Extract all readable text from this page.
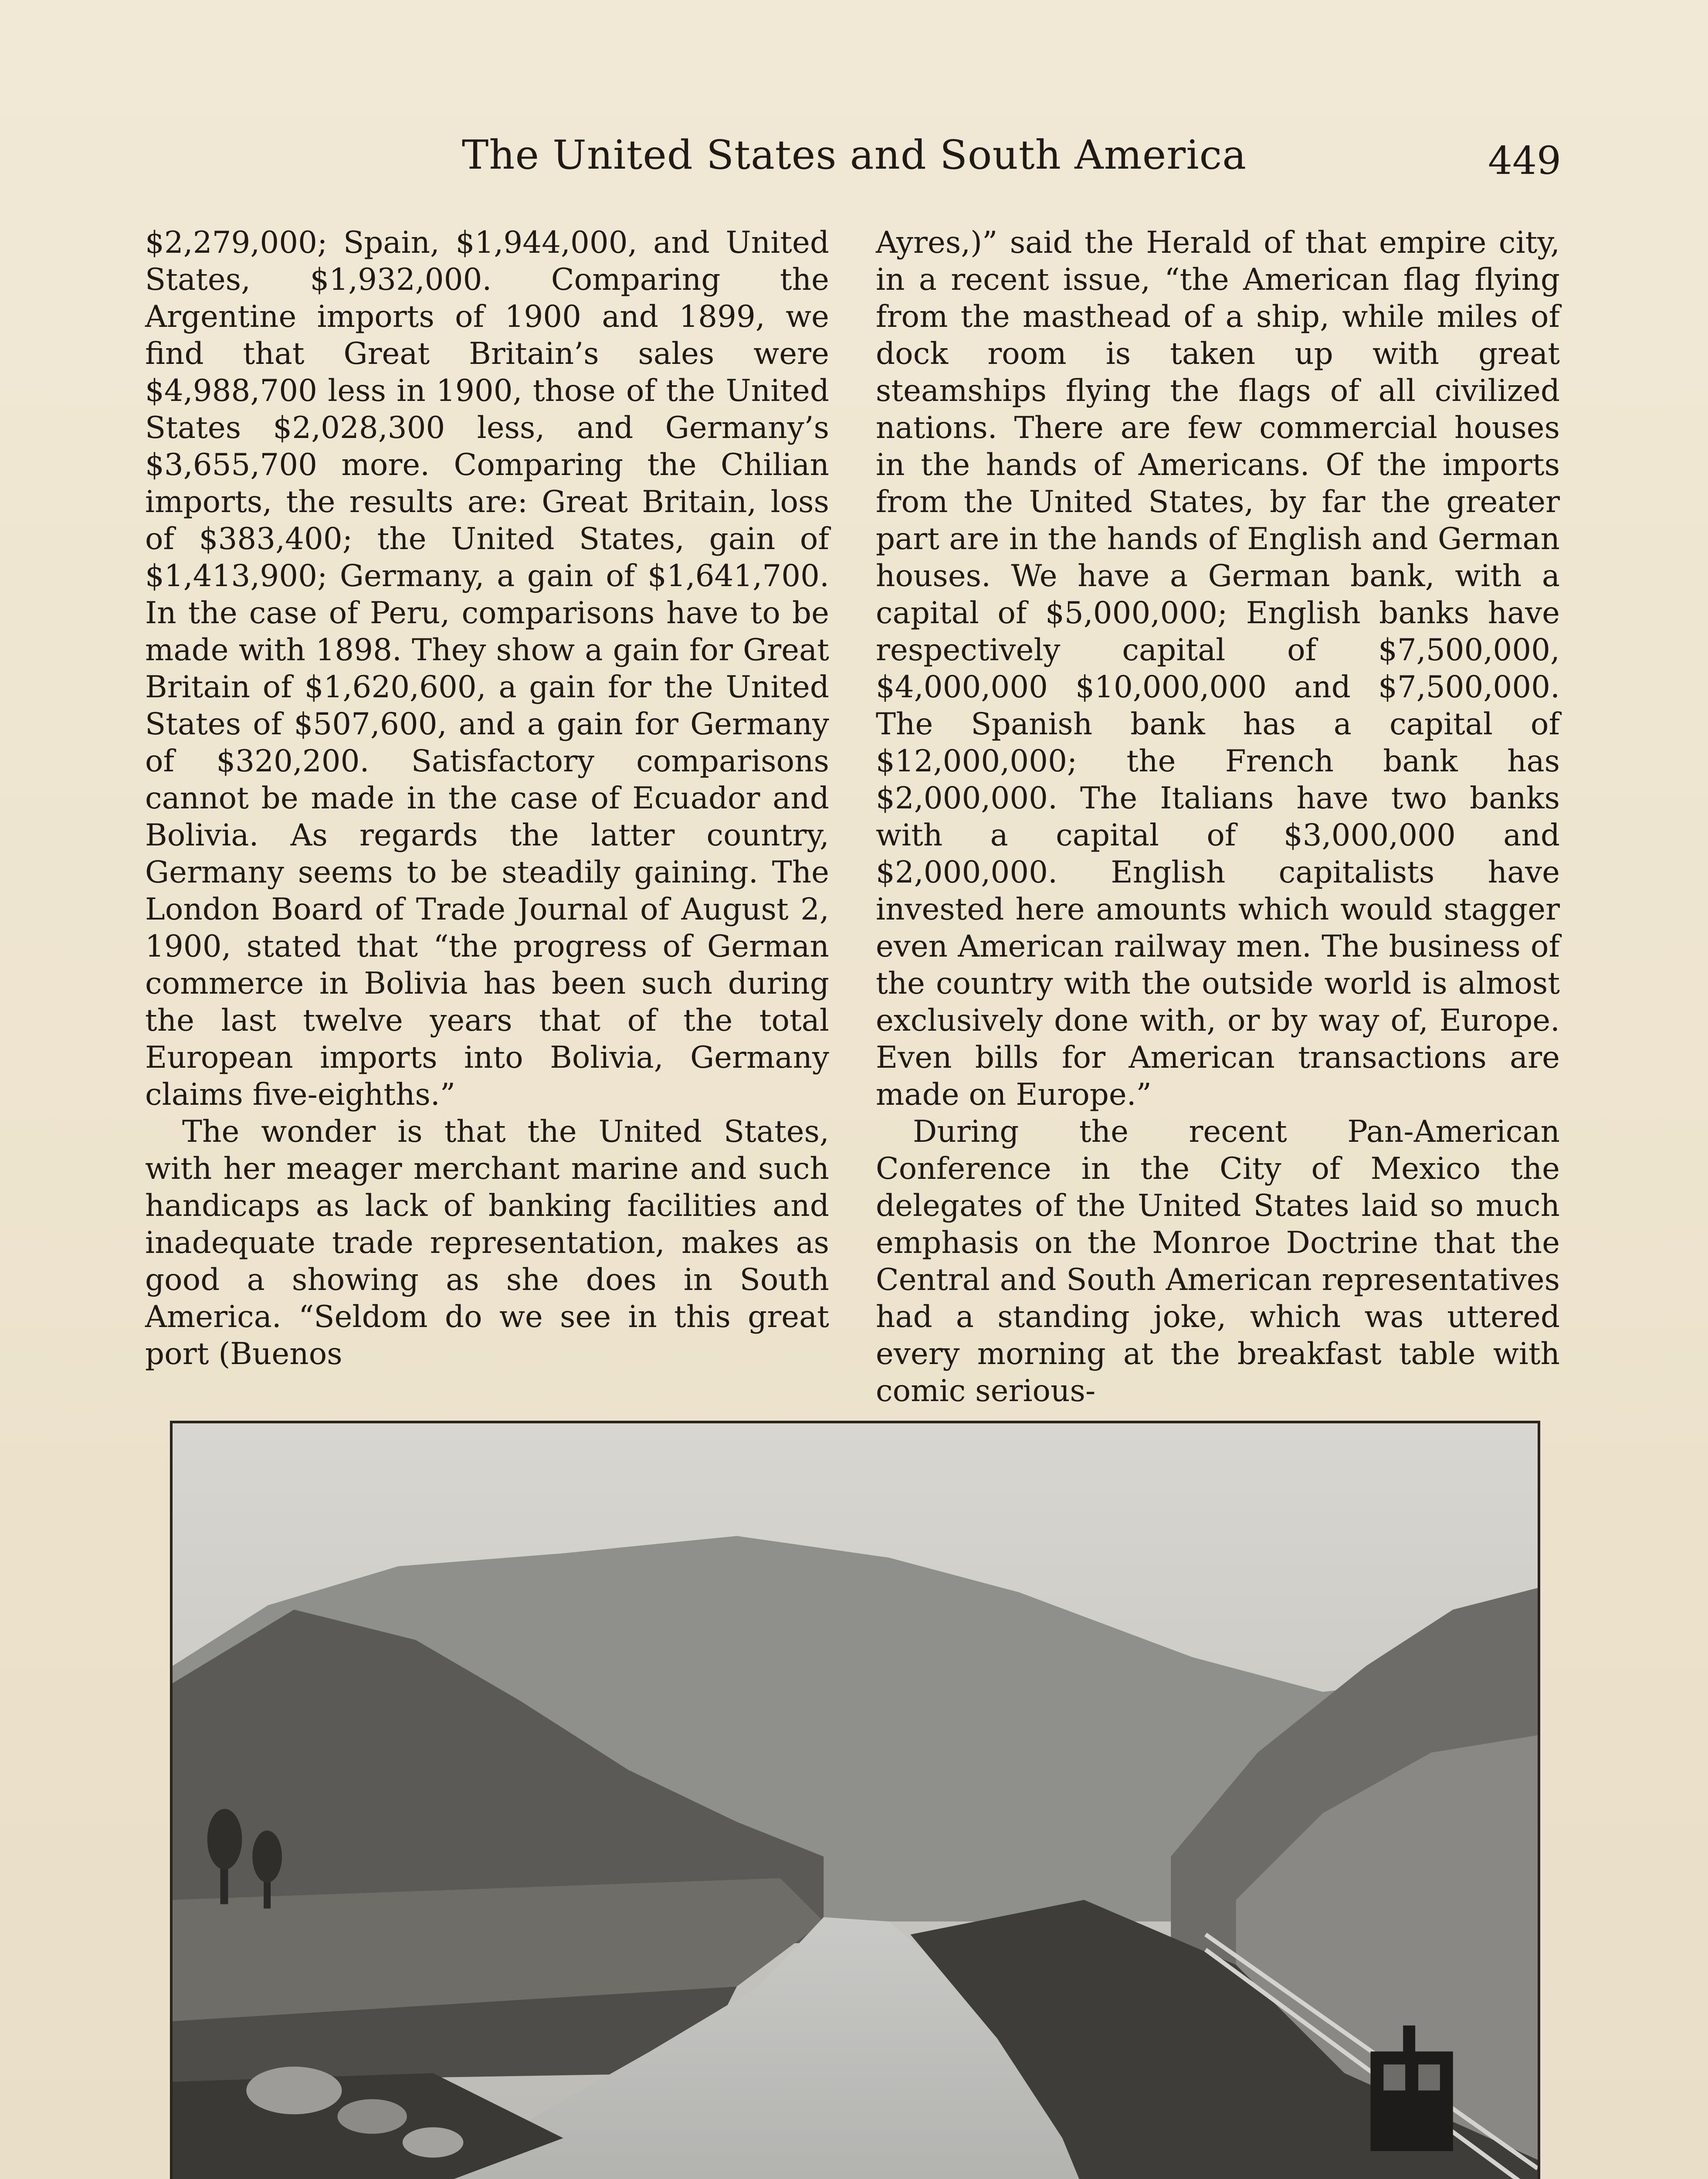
The United States and South America	449

$2,279,000; Spain, $1,944,000, and United States, $1,932,000. Comparing the Argentine imports of 1900 and 1899, we find that Great Britain’s sales were $4,988,700 less in 1900, those of the United States $2,028,300 less, and Germany’s $3,655,700 more. Comparing the Chilian imports, the results are: Great Britain, loss of $383,400; the United States, gain of $1,413,900; Germany, a gain of $1,641,700. In the case of Peru, comparisons have to be made with 1898. They show a gain for Great Britain of $1,620,600, a gain for the United States of $507,600, and a gain for Germany of $320,200. Satisfactory comparisons cannot be made in the case of Ecuador and Bolivia. As regards the latter country, Germany seems to be steadily gaining. The London Board of Trade Journal of August 2, 1900, stated that “the progress of German commerce in Bolivia has been such during the last twelve years that of the total European imports into Bolivia, Germany claims five-eighths.”

The wonder is that the United States, with her meager merchant marine and such handicaps as lack of banking facilities and inadequate trade representation, makes as good a showing as she does in South America. “Seldom do we see in this great port (Buenos

Ayres,)” said the Herald of that empire city, in a recent issue, “the American flag flying from the masthead of a ship, while miles of dock room is taken up with great steamships flying the flags of all civilized nations. There are few commercial houses in the hands of Americans. Of the imports from the United States, by far the greater part are in the hands of English and German houses. We have a German bank, with a capital of $5,000,000; English banks have respectively capital of $7,500,000, $4,000,000 $10,000,000 and $7,500,000. The Spanish bank has a capital of $12,000,000; the French bank has $2,000,000. The Italians have two banks with a capital of $3,000,000 and $2,000,000. English capitalists have invested here amounts which would stagger even American railway men. The business of the country with the outside world is almost exclusively done with, or by way of, Europe. Even bills for American transactions are made on Europe.”

During the recent Pan-American Conference in the City of Mexico the delegates of the United States laid so much emphasis on the Monroe Doctrine that the Central and South American representatives had a standing joke, which was uttered every morning at the breakfast table with comic serious-
